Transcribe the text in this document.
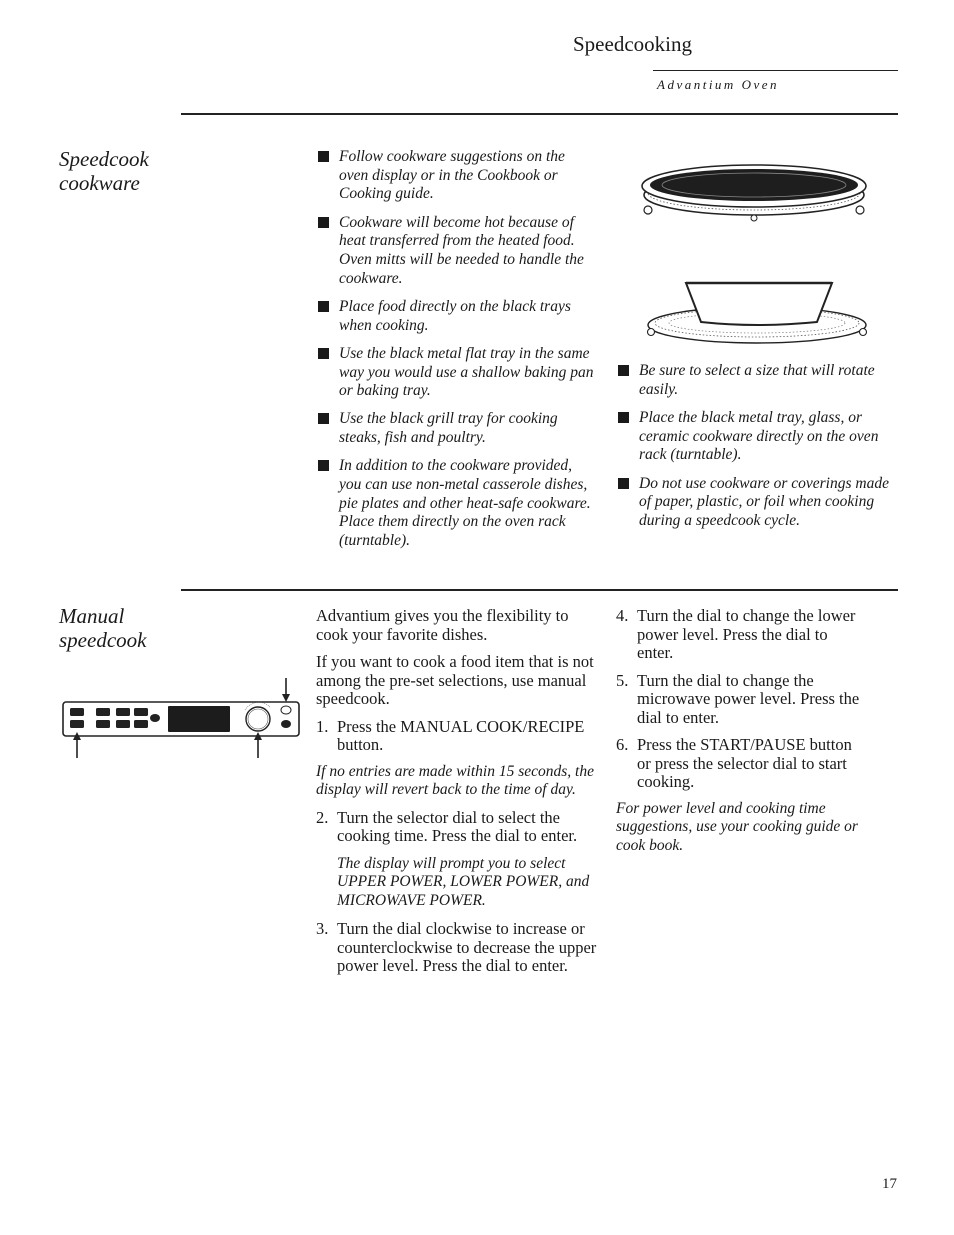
Speedcooking
Advantium Oven
Speedcook
cookware
Follow cookware suggestions on the oven display or in the Cookbook or Cooking guide.
Cookware will become hot because of heat transferred from the heated food. Oven mitts will be needed to handle the cookware.
Place food directly on the black trays when cooking.
Use the black metal flat tray in the same way you would use a shallow baking pan or baking tray.
Use the black grill tray for cooking steaks, fish and poultry.
In addition to the cookware provided, you can use non-metal casserole dishes, pie plates and other heat-safe cookware. Place them directly on the oven rack (turntable).
Be sure to select a size that will rotate easily.
Place the black metal tray, glass, or ceramic cookware directly on the oven rack (turntable).
Do not use cookware or coverings made of paper, plastic, or foil when cooking during a speedcook cycle.
Manual
speedcook

Advantium gives you the flexibility to cook your favorite dishes.

If you want to cook a food item that is not among the pre-set selections, use manual speedcook.

1. Press the MANUAL COOK/RECIPE button.

If no entries are made within 15 seconds, the display will revert back to the time of day.

2. Turn the selector dial to select the cooking time. Press the dial to enter.

The display will prompt you to select UPPER POWER, LOWER POWER, and MICROWAVE POWER.

3. Turn the dial clockwise to increase or counterclockwise to decrease the upper power level. Press the dial to enter.
4. Turn the dial to change the lower power level. Press the dial to enter.
5. Turn the dial to change the microwave power level. Press the dial to enter.
6. Press the START/PAUSE button or press the selector dial to start cooking.

For power level and cooking time suggestions, use your cooking guide or cook book.

17
